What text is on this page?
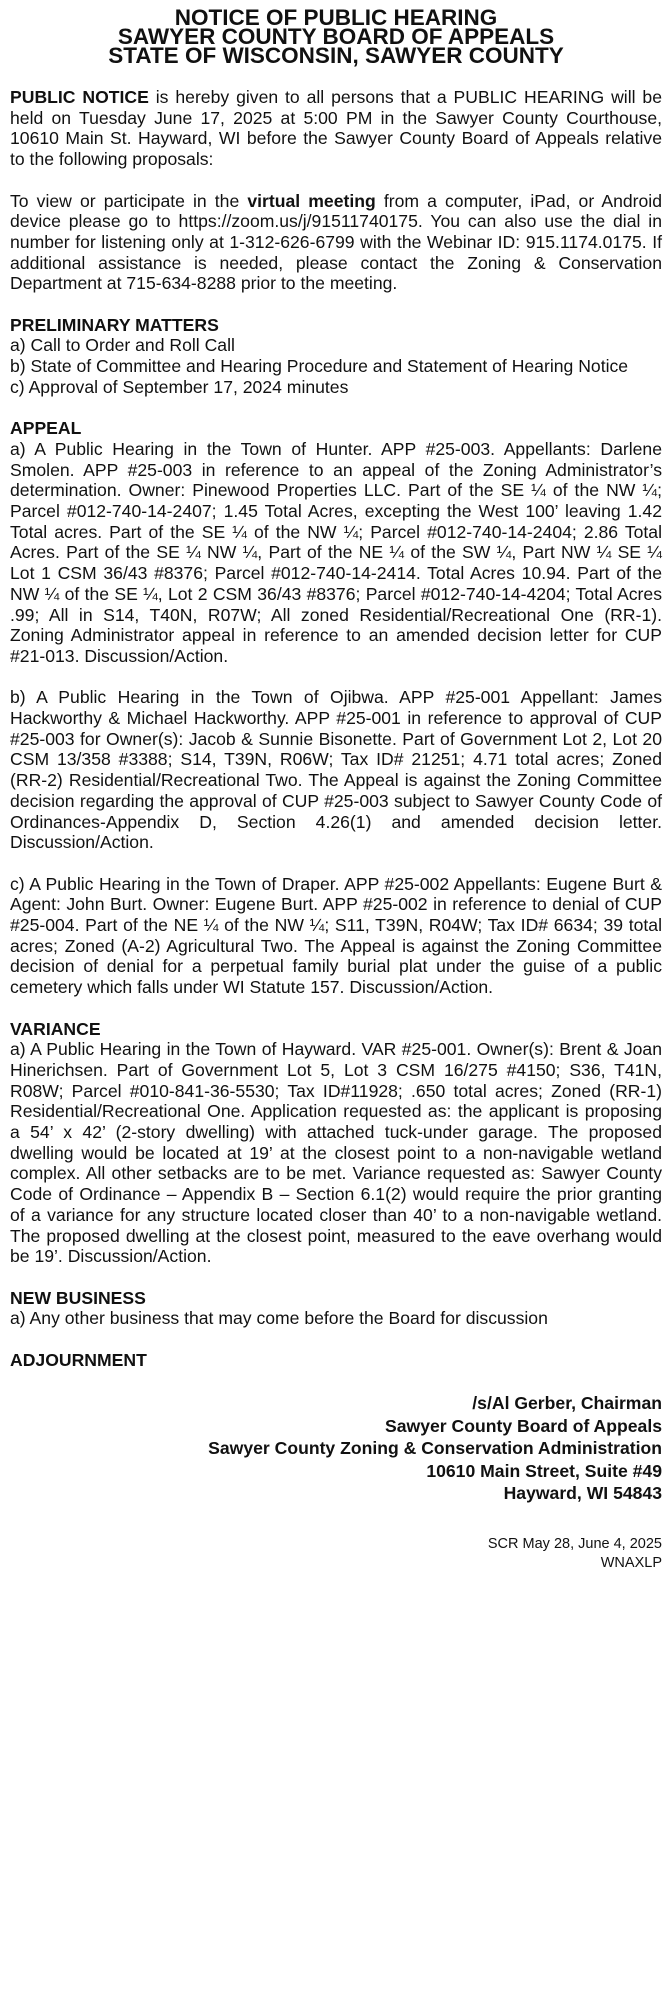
NOTICE OF PUBLIC HEARING
SAWYER COUNTY BOARD OF APPEALS
STATE OF WISCONSIN, SAWYER COUNTY

PUBLIC NOTICE is hereby given to all persons that a PUBLIC HEARING will be held on Tuesday June 17, 2025 at 5:00 PM in the Sawyer County Courthouse, 10610 Main St. Hayward, WI before the Sawyer County Board of Appeals relative to the following proposals:

To view or participate in the virtual meeting from a computer, iPad, or Android device please go to https://zoom.us/j/91511740175. You can also use the dial in number for listening only at 1-312-626-6799 with the Webinar ID: 915.1174.0175. If additional assistance is needed, please contact the Zoning & Conservation Department at 715-634-8288 prior to the meeting.

PRELIMINARY MATTERS
a) Call to Order and Roll Call
b) State of Committee and Hearing Procedure and Statement of Hearing Notice
c) Approval of September 17, 2024 minutes
APPEAL

a) A Public Hearing in the Town of Hunter. APP #25-003. Appellants: Darlene Smolen. APP #25-003 in reference to an appeal of the Zoning Administrator’s determination. Owner: Pinewood Properties LLC. Part of the SE ¼ of the NW ¼; Parcel #012-740-14-2407; 1.45 Total Acres, excepting the West 100’ leaving 1.42 Total acres. Part of the SE ¼ of the NW ¼; Parcel #012-740-14-2404; 2.86 Total Acres. Part of the SE ¼ NW ¼, Part of the NE ¼ of the SW ¼, Part NW ¼ SE ¼ Lot 1 CSM 36/43 #8376; Parcel #012-740-14-2414. Total Acres 10.94. Part of the NW ¼ of the SE ¼, Lot 2 CSM 36/43 #8376; Parcel #012-740-14-4204; Total Acres .99; All in S14, T40N, R07W; All zoned Residential/Recreational One (RR-1). Zoning Administrator appeal in reference to an amended decision letter for CUP #21-013. Discussion/Action.

b) A Public Hearing in the Town of Ojibwa. APP #25-001 Appellant: James Hackworthy & Michael Hackworthy. APP #25-001 in reference to approval of CUP #25-003 for Owner(s): Jacob & Sunnie Bisonette. Part of Government Lot 2, Lot 20 CSM 13/358 #3388; S14, T39N, R06W; Tax ID# 21251; 4.71 total acres; Zoned (RR-2) Residential/Recreational Two. The Appeal is against the Zoning Committee decision regarding the approval of CUP #25-003 subject to Sawyer County Code of Ordinances-Appendix D, Section 4.26(1) and amended decision letter. Discussion/Action.

c) A Public Hearing in the Town of Draper. APP #25-002 Appellants: Eugene Burt & Agent: John Burt. Owner: Eugene Burt. APP #25-002 in reference to denial of CUP #25-004. Part of the NE ¼ of the NW ¼; S11, T39N, R04W; Tax ID# 6634; 39 total acres; Zoned (A-2) Agricultural Two. The Appeal is against the Zoning Committee decision of denial for a perpetual family burial plat under the guise of a public cemetery which falls under WI Statute 157. Discussion/Action.

VARIANCE

a) A Public Hearing in the Town of Hayward. VAR #25-001. Owner(s): Brent & Joan Hinerichsen. Part of Government Lot 5, Lot 3 CSM 16/275 #4150; S36, T41N, R08W; Parcel #010-841-36-5530; Tax ID#11928; .650 total acres; Zoned (RR-1) Residential/Recreational One. Application requested as: the applicant is proposing a 54’ x 42’ (2-story dwelling) with attached tuck-under garage. The proposed dwelling would be located at 19’ at the closest point to a non-navigable wetland complex. All other setbacks are to be met. Variance requested as: Sawyer County Code of Ordinance – Appendix B – Section 6.1(2) would require the prior granting of a variance for any structure located closer than 40’ to a non-navigable wetland. The proposed dwelling at the closest point, measured to the eave overhang would be 19’. Discussion/Action.

NEW BUSINESS

a) Any other business that may come before the Board for discussion

ADJOURNMENT
/s/Al Gerber, Chairman
Sawyer County Board of Appeals
Sawyer County Zoning & Conservation Administration
10610 Main Street, Suite #49
Hayward, WI 54843
SCR May 28, June 4, 2025
WNAXLP
